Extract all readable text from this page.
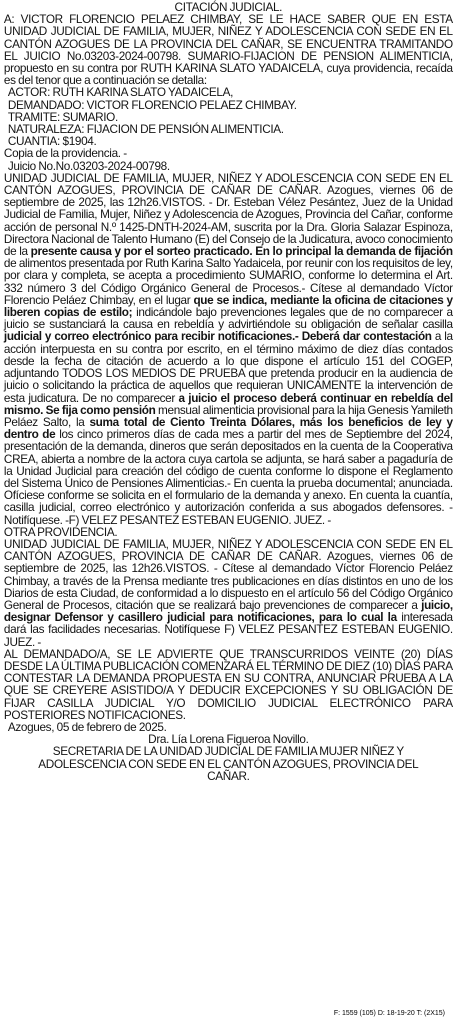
CITACIÓN JUDICIAL.

A: VICTOR FLORENCIO PELAEZ CHIMBAY, SE LE HACE SABER QUE EN ESTA UNIDAD JUDICIAL DE FAMILIA, MUJER, NIÑEZ Y ADOLESCENCIA CON SEDE EN EL CANTÓN AZOGUES DE LA PROVINCIA DEL CAÑAR, SE ENCUENTRA TRAMITANDO EL JUICIO No.03203-2024-00798. SUMARIO-FIJACION DE PENSION ALIMENTICIA, propuesto en su contra por RUTH KARINA SLATO YADAICELA, cuya providencia, recaída es del tenor que a continuación se detalla:

ACTOR: RUTH KARINA SLATO YADAICELA,
DEMANDADO: VICTOR FLORENCIO PELAEZ CHIMBAY.
TRAMITE: SUMARIO.
NATURALEZA: FIJACION DE PENSIÓN ALIMENTICIA.
CUANTIA: $1904.
Copia de la providencia. -
Juicio No.No.03203-2024-00798.

UNIDAD JUDICIAL DE FAMILIA, MUJER, NIÑEZ Y ADOLESCENCIA CON SEDE EN EL CANTÓN AZOGUES, PROVINCIA DE CAÑAR DE CAÑAR. Azogues, viernes 06 de septiembre de 2025, las 12h26.VISTOS. - Dr. Esteban Vélez Pesántez, Juez de la Unidad Judicial de Familia, Mujer, Niñez y Adolescencia de Azogues, Provincia del Cañar, conforme acción de personal N.º 1425-DNTH-2024-AM, suscrita por la Dra. Gloria Salazar Espinoza, Directora Nacional de Talento Humano (E) del Consejo de la Judicatura, avoco conocimiento de la presente causa y por el sorteo practicado. En lo principal la demanda de fijación de alimentos presentada por Ruth Karina Salto Yadaicela, por reunir con los requisitos de ley, por clara y completa, se acepta a procedimiento SUMARIO, conforme lo determina el Art. 332 número 3 del Código Orgánico General de Procesos.- Cítese al demandado Víctor Florencio Peláez Chimbay, en el lugar que se indica, mediante la oficina de citaciones y liberen copias de estilo; indicándole bajo prevenciones legales que de no comparecer a juicio se sustanciará la causa en rebeldía y advirtiéndole su obligación de señalar casilla judicial y correo electrónico para recibir notificaciones.- Deberá dar contestación a la acción interpuesta en su contra por escrito, en el término máximo de diez días contados desde la fecha de citación de acuerdo a lo que dispone el artículo 151 del COGEP, adjuntando TODOS LOS MEDIOS DE PRUEBA que pretenda producir en la audiencia de juicio o solicitando la práctica de aquellos que requieran UNICAMENTE la intervención de esta judicatura. De no comparecer a juicio el proceso deberá continuar en rebeldía del mismo. Se fija como pensión mensual alimenticia provisional para la hija Genesis Yamileth Peláez Salto, la suma total de Ciento Treinta Dólares, más los beneficios de ley y dentro de los cinco primeros días de cada mes a partir del mes de Septiembre del 2024, presentación de la demanda, dineros que serán depositados en la cuenta de la Cooperativa CREA, abierta a nombre de la actora cuya cartola se adjunta, se hará saber a pagaduría de la Unidad Judicial para creación del código de cuenta conforme lo dispone el Reglamento del Sistema Único de Pensiones Alimenticias.- En cuenta la prueba documental; anunciada. Ofíciese conforme se solicita en el formulario de la demanda y anexo. En cuenta la cuantía, casilla judicial, correo electrónico y autorización conferida a sus abogados defensores. - Notifíquese. -F) VELEZ PESANTEZ ESTEBAN EUGENIO. JUEZ. -

OTRA PROVIDENCIA.

UNIDAD JUDICIAL DE FAMILIA, MUJER, NIÑEZ Y ADOLESCENCIA CON SEDE EN EL CANTÓN AZOGUES, PROVINCIA DE CAÑAR DE CAÑAR. Azogues, viernes 06 de septiembre de 2025, las 12h26.VISTOS. - Cítese al demandado Víctor Florencio Peláez Chimbay, a través de la Prensa mediante tres publicaciones en días distintos en uno de los Diarios de esta Ciudad, de conformidad a lo dispuesto en el artículo 56 del Código Orgánico General de Procesos, citación que se realizará bajo prevenciones de comparecer a juicio, designar Defensor y casillero judicial para notificaciones, para lo cual la interesada dará las facilidades necesarias. Notifíquese F) VELEZ PESANTEZ ESTEBAN EUGENIO. JUEZ. -

AL DEMANDADO/A, SE LE ADVIERTE QUE TRANSCURRIDOS VEINTE (20) DÍAS DESDE LA ÚLTIMA PUBLICACIÓN COMENZARÁ EL TÉRMINO DE DIEZ (10) DÍAS PARA CONTESTAR LA DEMANDA PROPUESTA EN SU CONTRA, ANUNCIAR PRUEBA A LA QUE SE CREYERE ASISTIDO/A Y DEDUCIR EXCEPCIONES Y SU OBLIGACIÓN DE FIJAR CASILLA JUDICIAL Y/O DOMICILIO JUDICIAL ELECTRÓNICO PARA POSTERIORES NOTIFICACIONES.

Azogues, 05 de febrero de 2025.

Dra. Lía Lorena Figueroa Novillo.

SECRETARIA DE LA UNIDAD JUDICIAL DE FAMILIA MUJER NIÑEZ Y ADOLESCENCIA CON SEDE EN EL CANTÓN AZOGUES, PROVINCIA DEL CAÑAR.

F: 1559 (105) D: 18-19-20 T: (2X15)
